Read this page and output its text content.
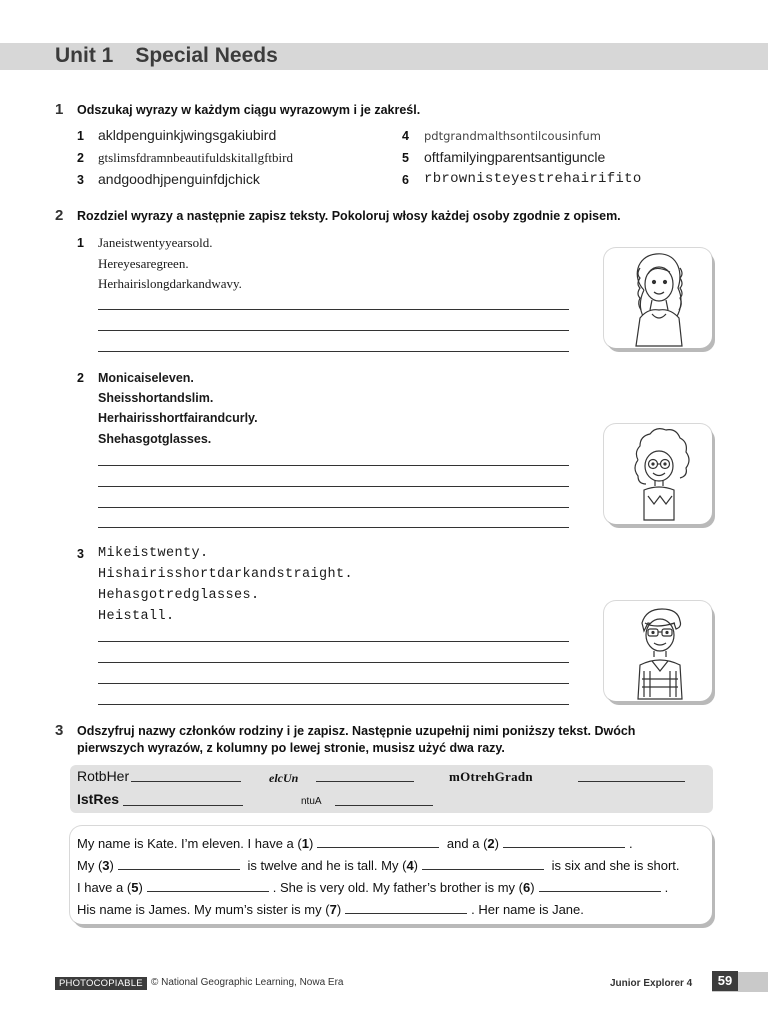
Unit 1 Special Needs
1 Odszukaj wyrazy w każdym ciągu wyrazowym i je zakreśl.
1 akldpenguinkjwingsgakiubird
2 gtslimsfdramnbeautifuldskitallgftbird
3 andgoodhjpenguinfdjchick
4 pdtgrandmalthsontilcousinfum
5 oftfamilyingparentsantiguncle
6 rbrownisteyestrehairifito
2 Rozdziel wyrazy a następnie zapisz teksty. Pokoloruj włosy każdej osoby zgodnie z opisem.
1 Janeistwentyyearsold.
Hereyesaregreen.
Herhairislongdarkandwavy.
2 Monicaiseleven.
Sheisshortandslim.
Herhairisshortfairandcurly.
Shehasgotglasses.
3 Mikeistwenty.
Hishairisshortdarkandstraight.
Hehasgotredglasses.
Heistall.
3 Odszyfruj nazwy członków rodziny i je zapisz. Następnie uzupełnij nimi poniższy tekst. Dwóch
pierwszych wyrazów, z kolumny po lewej stronie, musisz użyć dwa razy.
RotbHer	elcUn	mOtrehGradn
IstRes	ntuA
My name is Kate. I’m eleven. I have a (1)	and a (2)	.
My (3)	is twelve and he is tall. My (4)	is six and she is short.
I have a (5)	. She is very old. My father’s brother is my (6)	.
His name is James. My mum’s sister is my (7)	. Her name is Jane.
PHOTOCOPIABLE © National Geographic Learning, Nowa Era	Junior Explorer 4	59
